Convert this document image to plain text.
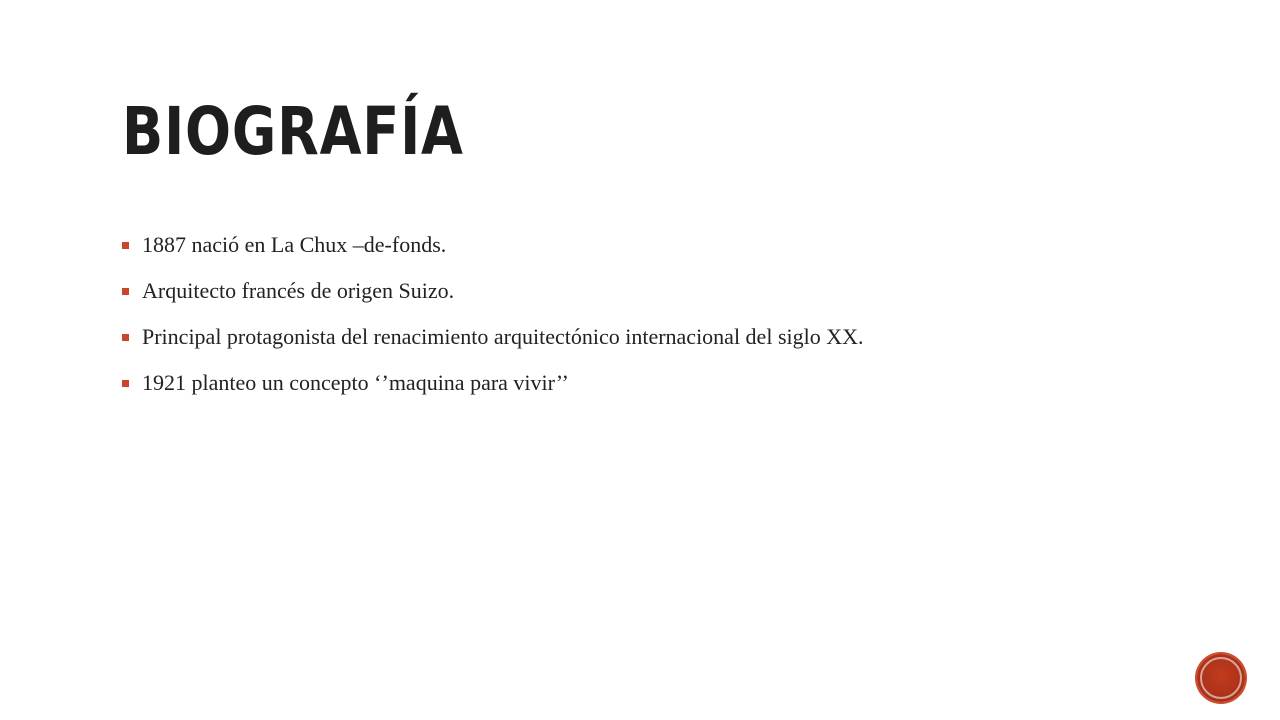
BIOGRAFÍA
1887 nació en La Chux –de-fonds.
Arquitecto francés de origen Suizo.
Principal protagonista del renacimiento arquitectónico internacional del siglo XX.
1921 planteo un concepto ‘’maquina para vivir’’
